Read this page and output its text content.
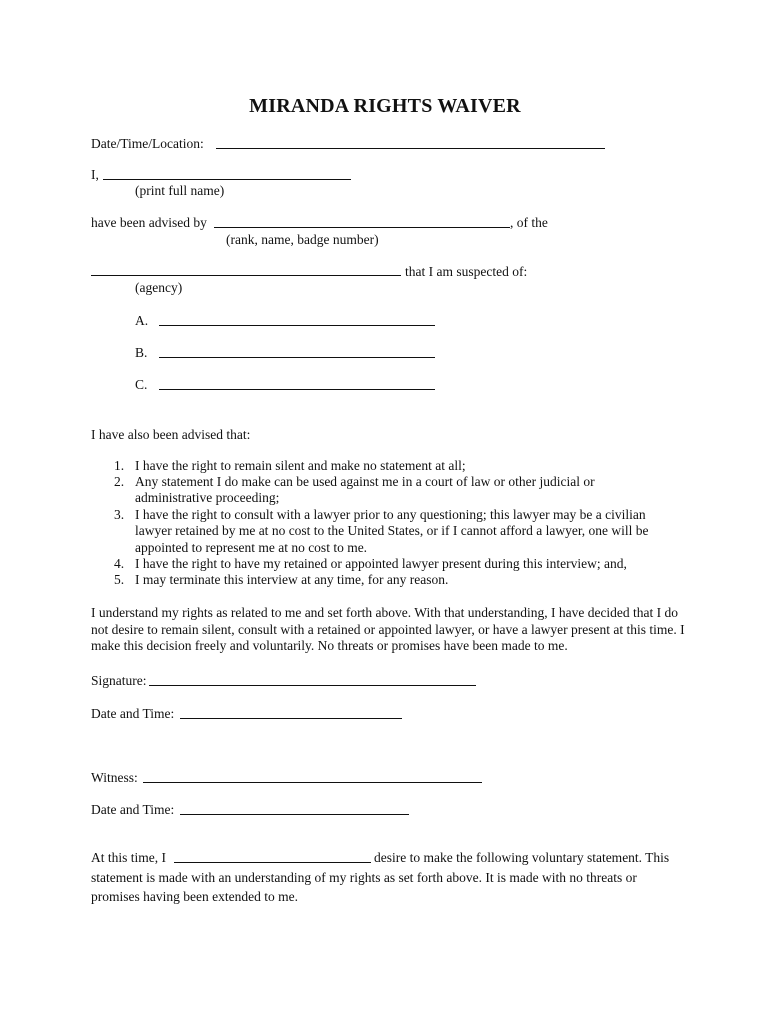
MIRANDA RIGHTS WAIVER
Date/Time/Location:
I,
(print full name)
have been advised by	, of the
(rank, name, badge number)
that I am suspected of:
(agency)
A.
B.
C.
I have also been advised that:
1. I have the right to remain silent and make no statement at all;
2. Any statement I do make can be used against me in a court of law or other judicial or administrative proceeding;
3. I have the right to consult with a lawyer prior to any questioning; this lawyer may be a civilian lawyer retained by me at no cost to the United States, or if I cannot afford a lawyer, one will be appointed to represent me at no cost to me.
4. I have the right to have my retained or appointed lawyer present during this interview; and,
5. I may terminate this interview at any time, for any reason.
I understand my rights as related to me and set forth above. With that understanding, I have decided that I do not desire to remain silent, consult with a retained or appointed lawyer, or have a lawyer present at this time. I make this decision freely and voluntarily. No threats or promises have been made to me.
Signature:
Date and Time:
Witness:
Date and Time:
At this time, I	desire to make the following voluntary statement. This
statement is made with an understanding of my rights as set forth above. It is made with no threats or promises having been extended to me.
